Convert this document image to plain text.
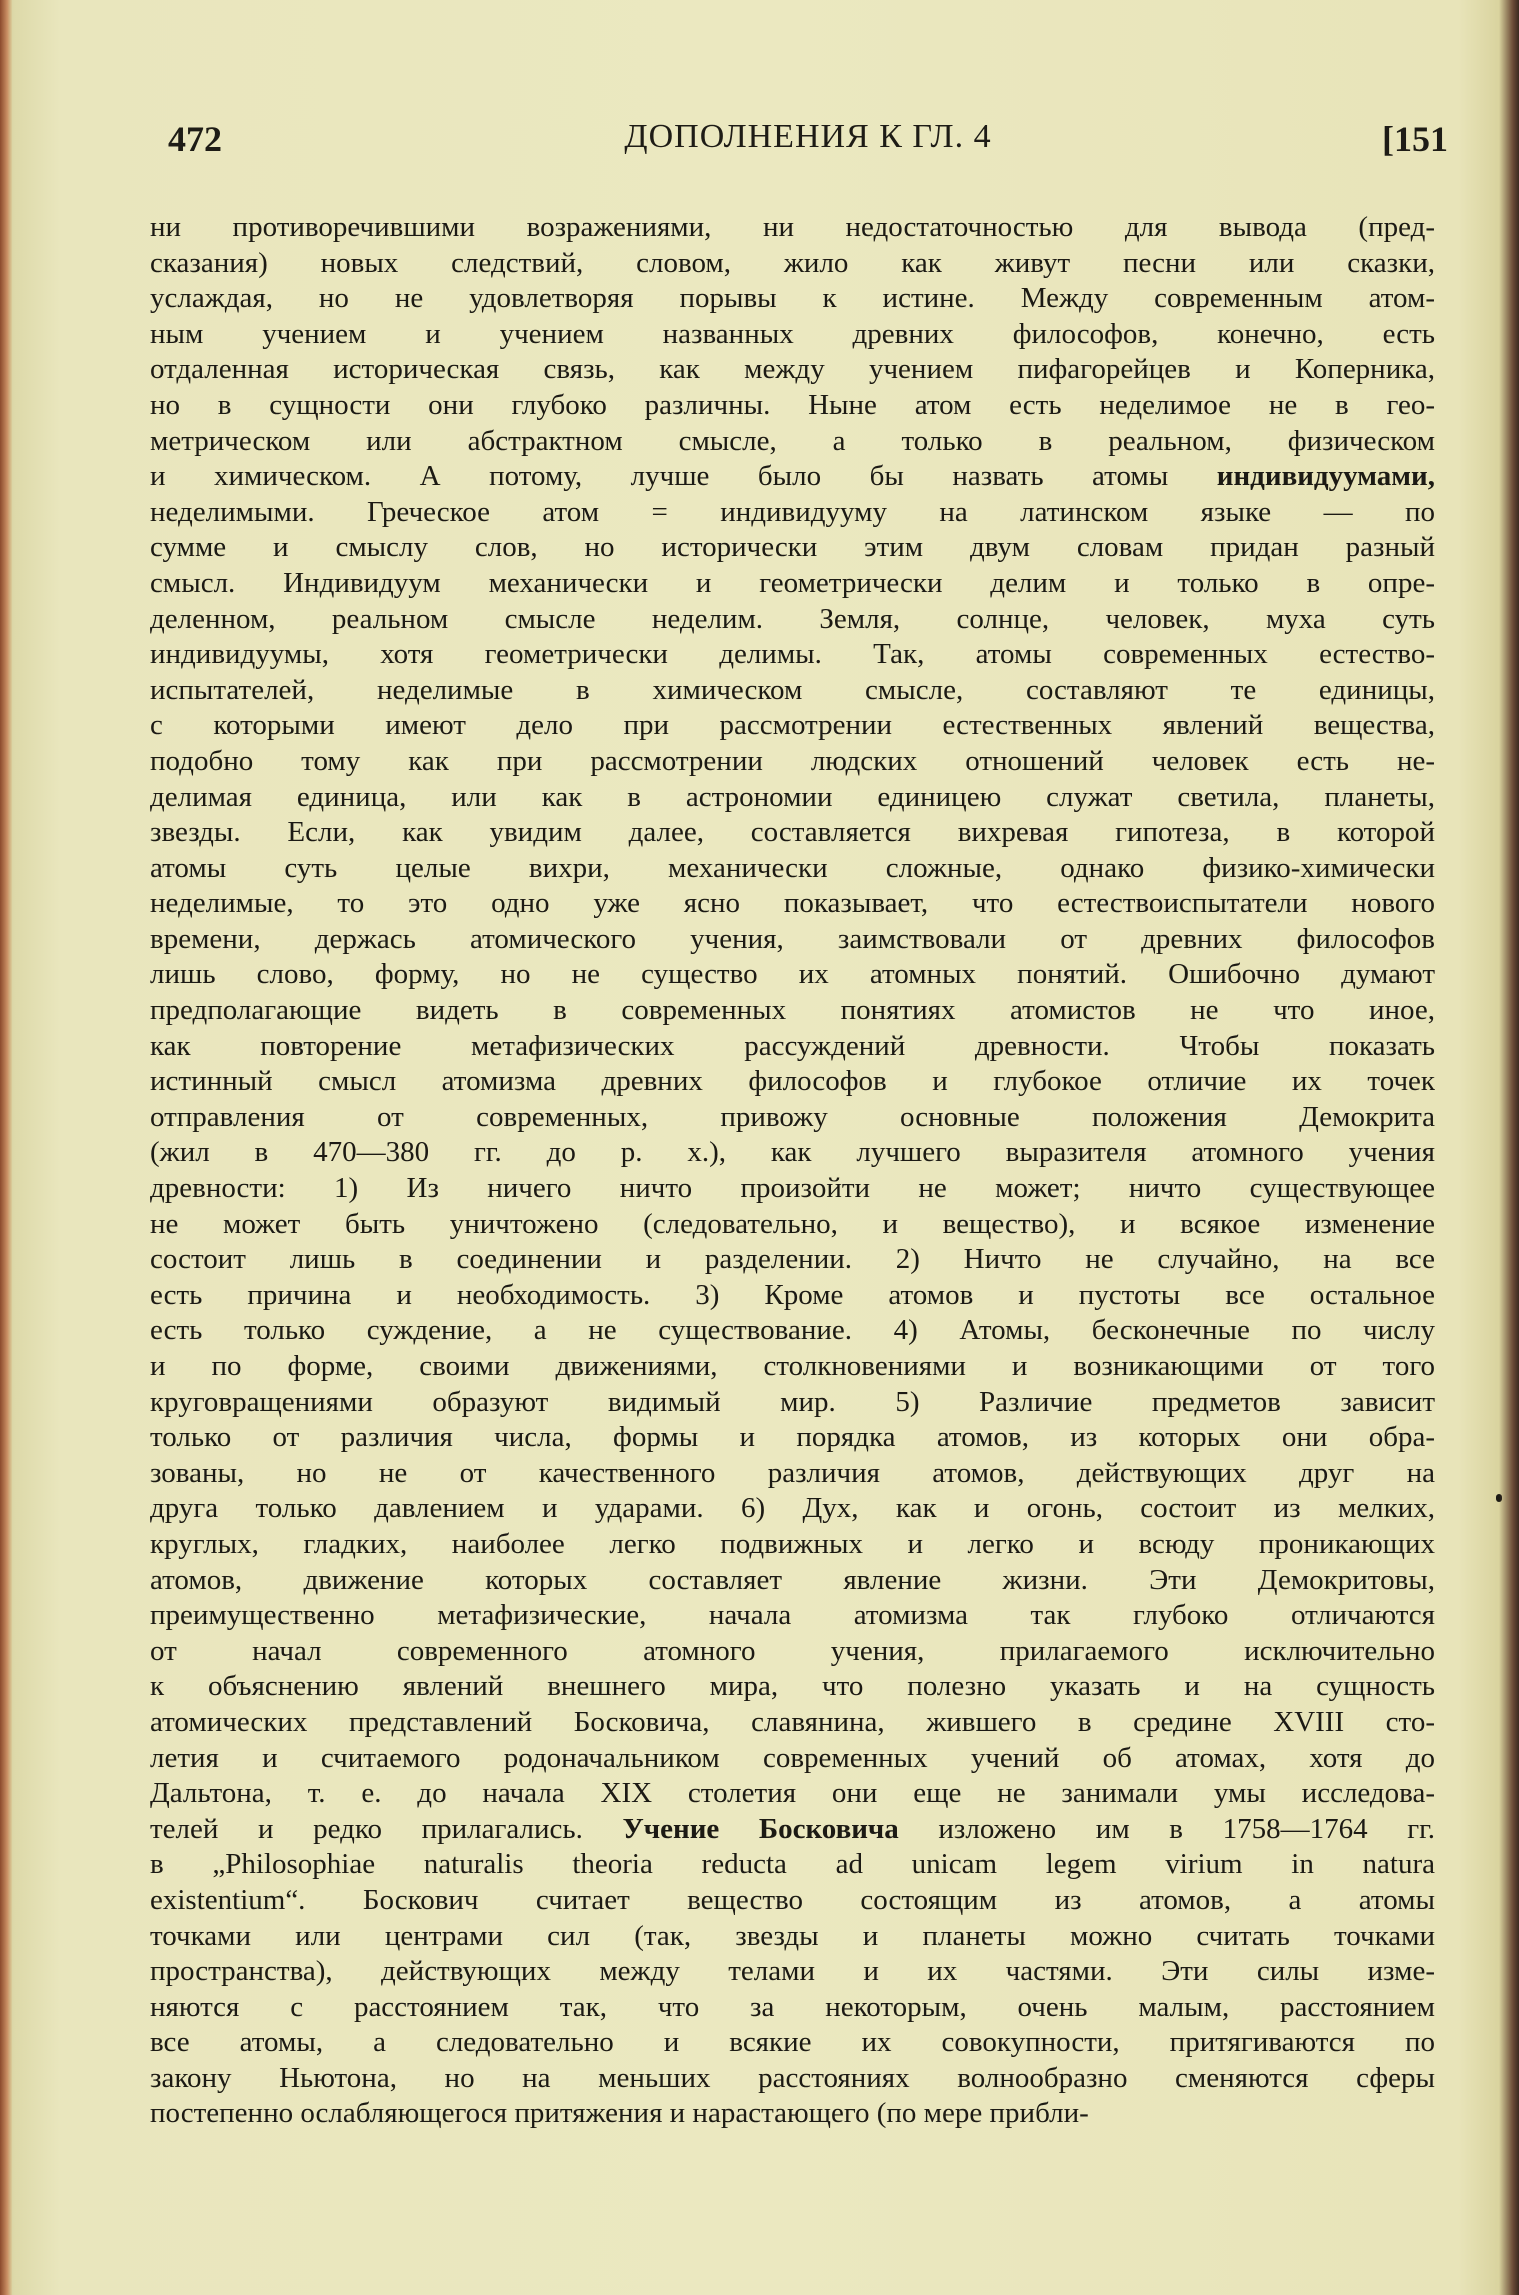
472	ДОПОЛНЕНИЯ К ГЛ. 4	[151
ни противоречившими возражениями, ни недостаточностью для вывода (пред-
сказания) новых следствий, словом, жило как живут песни или сказки,
услаждая, но не удовлетворяя порывы к истине. Между современным атом-
ным учением и учением названных древних философов, конечно, есть
отдаленная историческая связь, как между учением пифагорейцев и Коперника,
но в сущности они глубоко различны. Ныне атом есть неделимое не в гео-
метрическом или абстрактном смысле, а только в реальном, физическом
и химическом. А потому, лучше было бы назвать атомы индивидуумами,
неделимыми. Греческое атом = индивидууму на латинском языке — по
сумме и смыслу слов, но исторически этим двум словам придан разный
смысл. Индивидуум механически и геометрически делим и только в опре-
деленном, реальном смысле неделим. Земля, солнце, человек, муха суть
индивидуумы, хотя геометрически делимы. Так, атомы современных естество-
испытателей, неделимые в химическом смысле, составляют те единицы,
с которыми имеют дело при рассмотрении естественных явлений вещества,
подобно тому как при рассмотрении людских отношений человек есть не-
делимая единица, или как в астрономии единицею служат светила, планеты,
звезды. Если, как увидим далее, составляется вихревая гипотеза, в которой
атомы суть целые вихри, механически сложные, однако физико-химически
неделимые, то это одно уже ясно показывает, что естествоиспытатели нового
времени, держась атомического учения, заимствовали от древних философов
лишь слово, форму, но не существо их атомных понятий. Ошибочно думают
предполагающие видеть в современных понятиях атомистов не что иное,
как повторение метафизических рассуждений древности. Чтобы показать
истинный смысл атомизма древних философов и глубокое отличие их точек
отправления от современных, привожу основные положения Демокрита
(жил в 470—380 гг. до р. х.), как лучшего выразителя атомного учения
древности: 1) Из ничего ничто произойти не может; ничто существующее
не может быть уничтожено (следовательно, и вещество), и всякое изменение
состоит лишь в соединении и разделении. 2) Ничто не случайно, на все
есть причина и необходимость. 3) Кроме атомов и пустоты все остальное
есть только суждение, а не существование. 4) Атомы, бесконечные по числу
и по форме, своими движениями, столкновениями и возникающими от того
круговращениями образуют видимый мир. 5) Различие предметов зависит
только от различия числа, формы и порядка атомов, из которых они обра-
зованы, но не от качественного различия атомов, действующих друг на
друга только давлением и ударами. 6) Дух, как и огонь, состоит из мелких,
круглых, гладких, наиболее легко подвижных и легко и всюду проникающих
атомов, движение которых составляет явление жизни. Эти Демокритовы,
преимущественно метафизические, начала атомизма так глубоко отличаются
от начал современного атомного учения, прилагаемого исключительно
к объяснению явлений внешнего мира, что полезно указать и на сущность
атомических представлений Босковича, славянина, жившего в средине XVIII сто-
летия и считаемого родоначальником современных учений об атомах, хотя до
Дальтона, т. е. до начала XIX столетия они еще не занимали умы исследова-
телей и редко прилагались. Учение Босковича изложено им в 1758—1764 гг.
в „Philosophiae naturalis theoria reducta ad unicam legem virium in natura
existentium“. Боскович считает вещество состоящим из атомов, а атомы
точками или центрами сил (так, звезды и планеты можно считать точками
пространства), действующих между телами и их частями. Эти силы изме-
няются с расстоянием так, что за некоторым, очень малым, расстоянием
все атомы, а следовательно и всякие их совокупности, притягиваются по
закону Ньютона, но на меньших расстояниях волнообразно сменяются сферы
постепенно ослабляющегося притяжения и нарастающего (по мере прибли-
